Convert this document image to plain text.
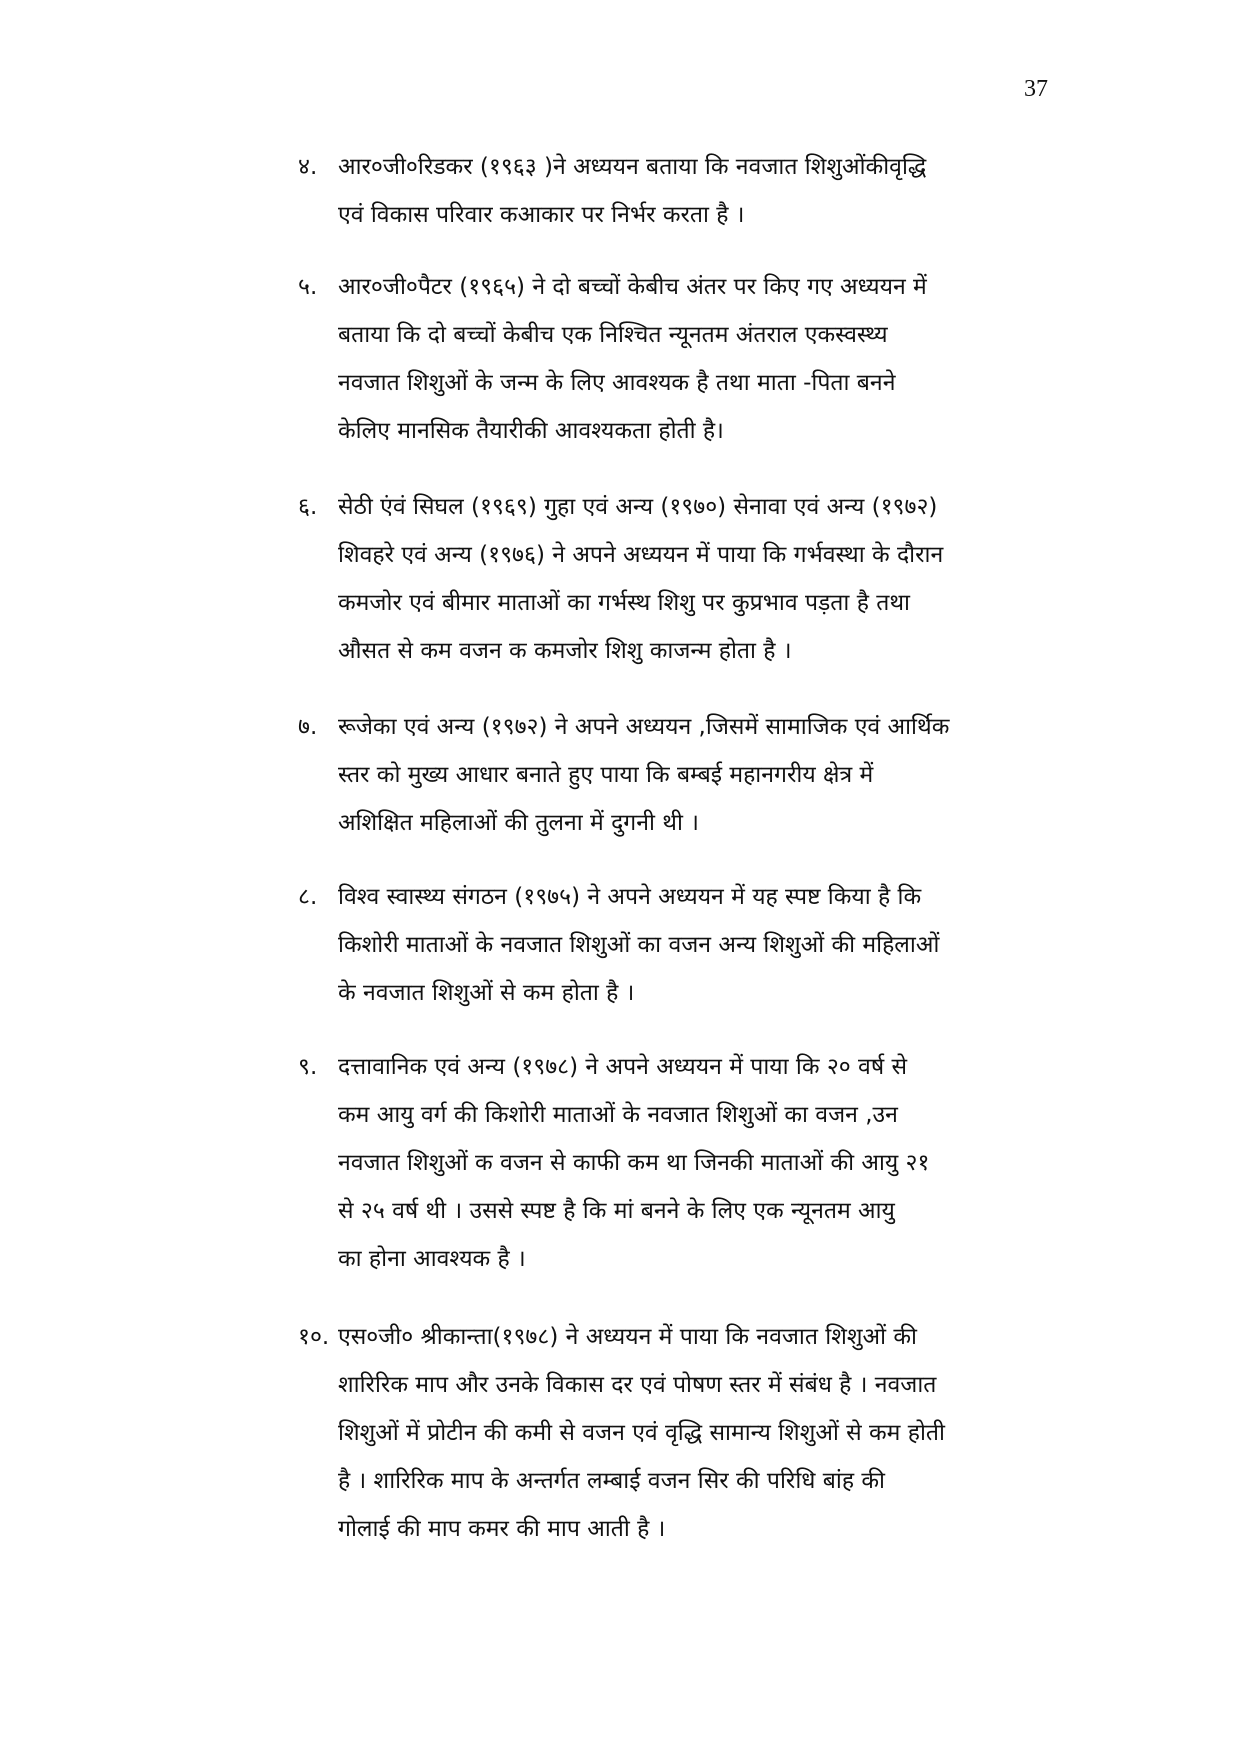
37
४. आर०जी०रिडकर (१९६३ )ने अध्ययन बताया कि नवजात शिशुओंकीवृद्धि
एवं विकास परिवार कआकार पर निर्भर करता है ।
५. आर०जी०पैटर (१९६५) ने दो बच्चों केबीच अंतर पर किए गए अध्ययन में
बताया कि दो बच्चों केबीच एक निश्चित न्यूनतम अंतराल एकस्वस्थ्य
नवजात शिशुओं के जन्म के लिए आवश्यक है तथा माता -पिता बनने
केलिए मानसिक तैयारीकी आवश्यकता होती है।
६. सेठी एंवं सिघल (१९६९) गुहा एवं अन्य (१९७०) सेनावा एवं अन्य (१९७२)
शिवहरे एवं अन्य (१९७६) ने अपने अध्ययन में पाया कि गर्भवस्था के दौरान
कमजोर एवं बीमार माताओं का गर्भस्थ शिशु पर कुप्रभाव पड़ता है तथा
औसत से कम वजन क कमजोर शिशु काजन्म होता है ।
७. रूजेका एवं अन्य (१९७२) ने अपने अध्ययन ,जिसमें सामाजिक एवं आर्थिक
स्तर को मुख्य आधार बनाते हुए पाया कि बम्बई महानगरीय क्षेत्र में
अशिक्षित महिलाओं की तुलना में दुगनी थी ।
८. विश्व स्वास्थ्य संगठन (१९७५) ने अपने अध्ययन में यह स्पष्ट किया है कि
किशोरी माताओं के नवजात शिशुओं का वजन अन्य शिशुओं की महिलाओं
के नवजात शिशुओं से कम होता है ।
९. दत्तावानिक एवं अन्य (१९७८) ने अपने अध्ययन में पाया कि २० वर्ष से
कम आयु वर्ग की किशोरी माताओं के नवजात शिशुओं का वजन ,उन
नवजात शिशुओं क वजन से काफी कम था जिनकी माताओं की आयु २१
से २५ वर्ष थी । उससे स्पष्ट है कि मां बनने के लिए एक न्यूनतम आयु
का होना आवश्यक है ।
१०. एस०जी० श्रीकान्ता(१९७८) ने अध्ययन में पाया कि नवजात शिशुओं की
शारिरिक माप और उनके विकास दर एवं पोषण स्तर में संबंध है । नवजात
शिशुओं में प्रोटीन की कमी से वजन एवं वृद्धि सामान्य शिशुओं से कम होती
है । शारिरिक माप के अन्तर्गत लम्बाई वजन सिर की परिधि बांह की
गोलाई की माप कमर की माप आती है ।
